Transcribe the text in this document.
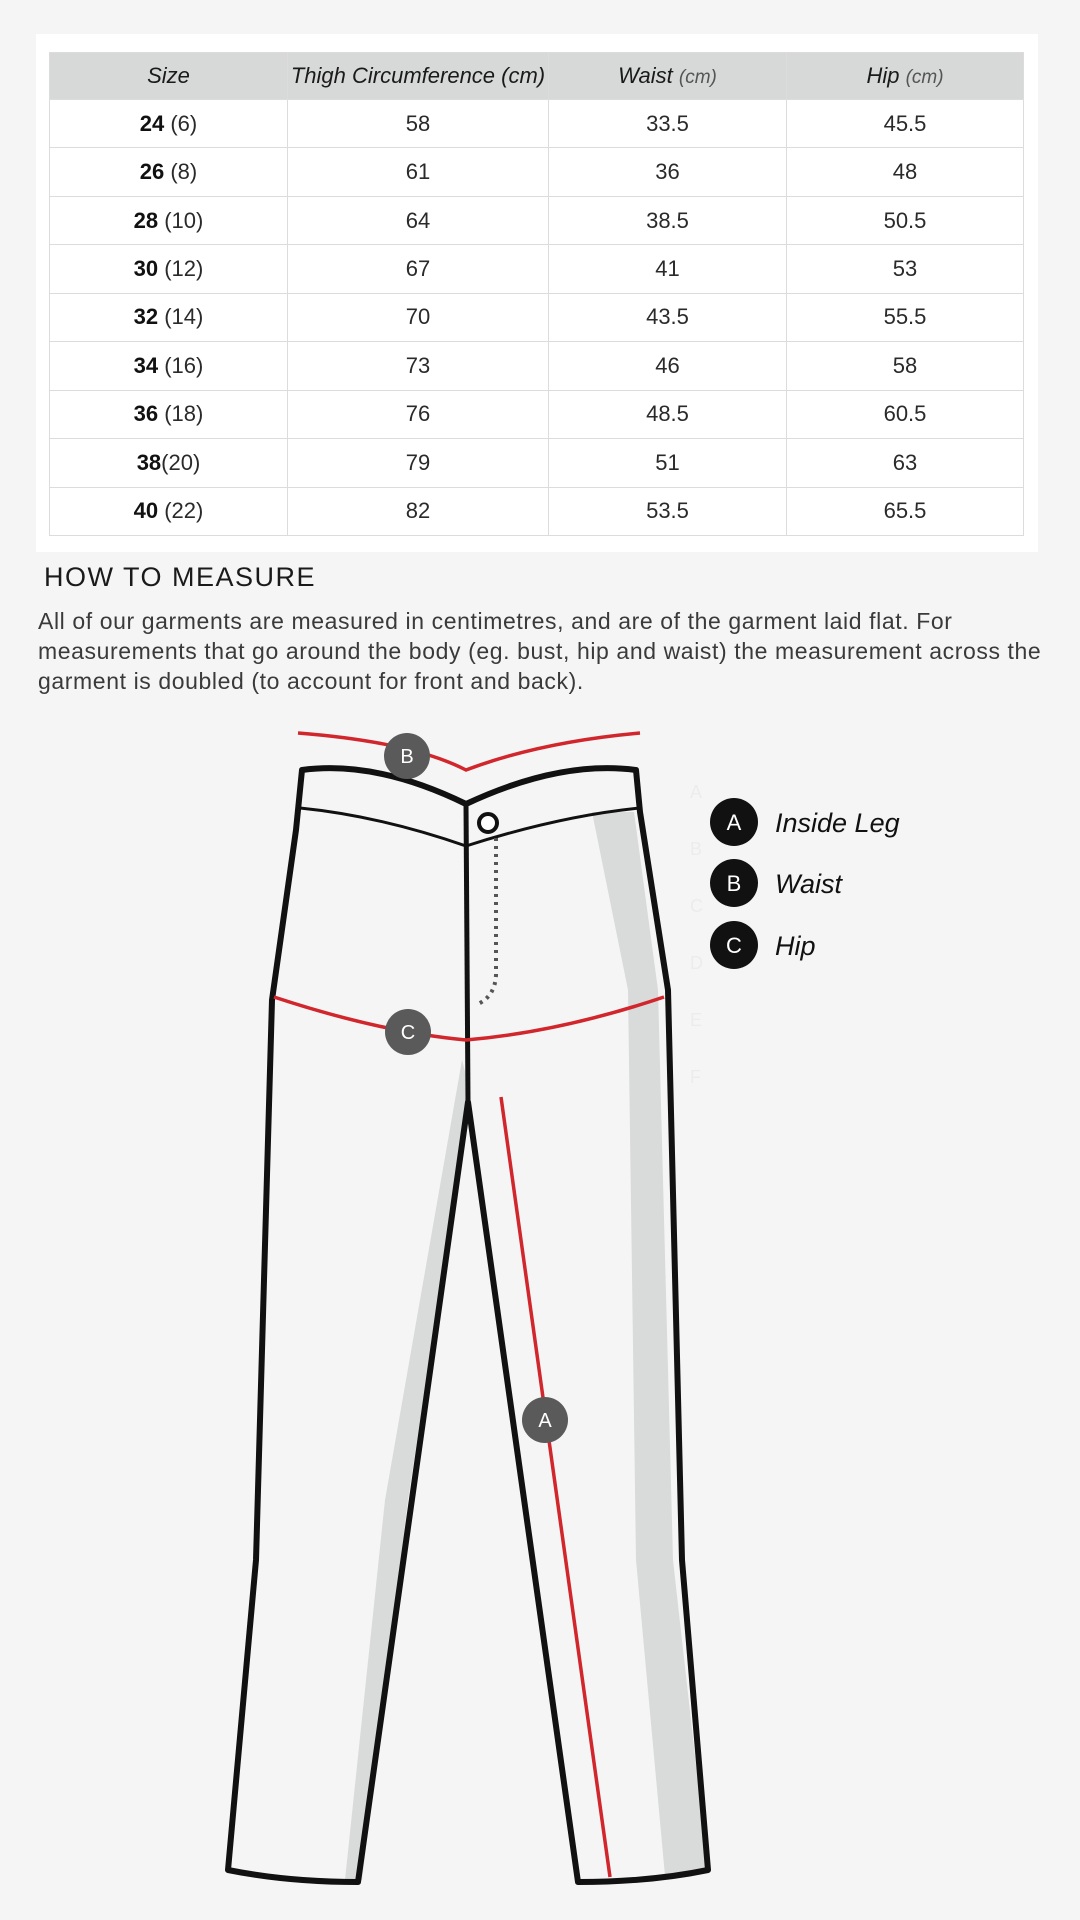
Size	Thigh Circumference (cm)	Waist (cm)	Hip (cm)
24 (6)	58	33.5	45.5
26 (8)	61	36	48
28 (10)	64	38.5	50.5
30 (12)	67	41	53
32 (14)	70	43.5	55.5
34 (16)	73	46	58
36 (18)	76	48.5	60.5
38(20)	79	51	63
40 (22)	82	53.5	65.5
HOW TO MEASURE

All of our garments are measured in centimetres, and are of the garment laid flat. For measurements that go around the body (eg. bust, hip and waist) the measurement across the garment is doubled (to account for front and back).

B
C
A
A
B
C
D
E
F
A Inside Leg
B Waist
C Hip
